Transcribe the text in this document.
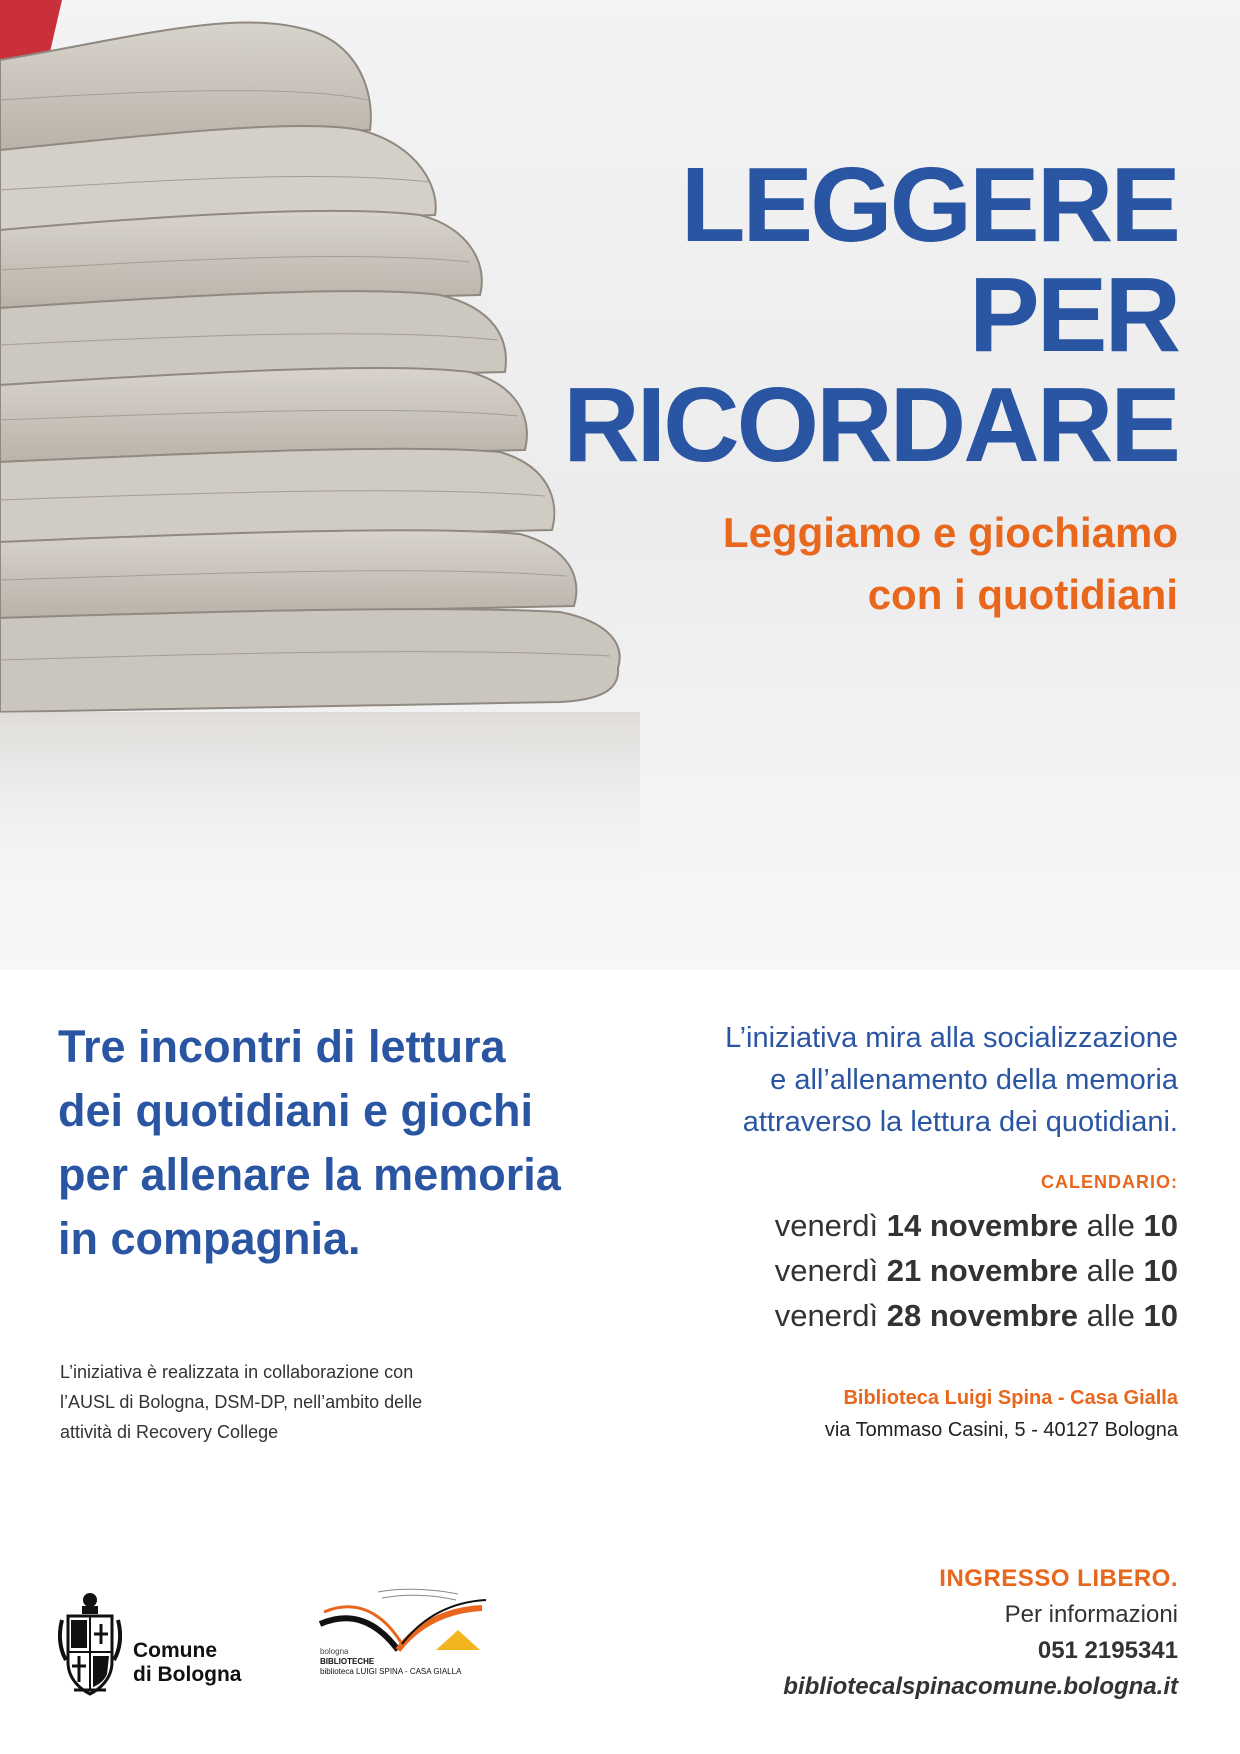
LEGGERE
PER
RICORDARE
Leggiamo e giochiamo
con i quotidiani

Tre incontri di lettura
dei quotidiani e giochi
per allenare la memoria
in compagnia.

L’iniziativa è realizzata in collaborazione con
l’AUSL di Bologna, DSM-DP, nell’ambito delle
attività di Recovery College

L’iniziativa mira alla socializzazione
e all’allenamento della memoria
attraverso la lettura dei quotidiani.

CALENDARIO:
venerdì 14 novembre alle 10
venerdì 21 novembre alle 10
venerdì 28 novembre alle 10
Biblioteca Luigi Spina - Casa Gialla
via Tommaso Casini, 5 - 40127 Bologna
INGRESSO LIBERO.
Per informazioni
051 2195341
bibliotecalspinacomune.bologna.it
Comune
di Bologna
bologna
BIBLIOTECHE
biblioteca LUIGI SPINA - CASA GIALLA
